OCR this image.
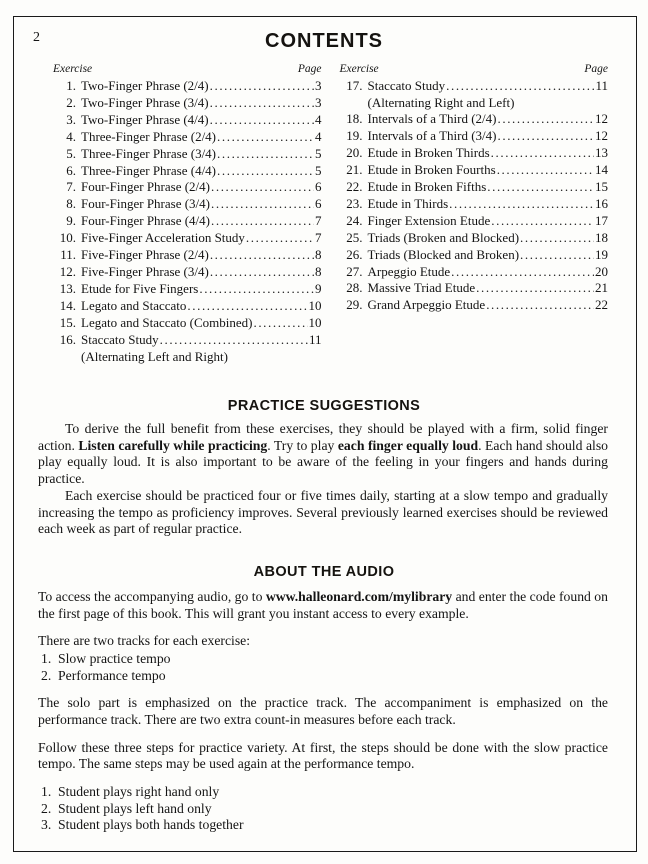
2	CONTENTS
Exercise	Page
1. Two-Finger Phrase (2/4) .....	3
2. Two-Finger Phrase (3/4) .....	3
3. Two-Finger Phrase (4/4) .....	4
4. Three-Finger Phrase (2/4) .....	4
5. Three-Finger Phrase (3/4) .....	5
6. Three-Finger Phrase (4/4) .....	5
7. Four-Finger Phrase (2/4) .....	6
8. Four-Finger Phrase (3/4) .....	6
9. Four-Finger Phrase (4/4) .....	7
10. Five-Finger Acceleration Study .....	7
11. Five-Finger Phrase (2/4) .....	8
12. Five-Finger Phrase (3/4) .....	8
13. Etude for Five Fingers .....	9
14. Legato and Staccato .....	10
15. Legato and Staccato (Combined) .....	10
16. Staccato Study .....	11
(Alternating Left and Right)
Exercise	Page
17. Staccato Study .....	11
(Alternating Right and Left)
18. Intervals of a Third (2/4) .....	12
19. Intervals of a Third (3/4) .....	12
20. Etude in Broken Thirds .....	13
21. Etude in Broken Fourths .....	14
22. Etude in Broken Fifths .....	15
23. Etude in Thirds .....	16
24. Finger Extension Etude .....	17
25. Triads (Broken and Blocked) .....	18
26. Triads (Blocked and Broken) .....	19
27. Arpeggio Etude .....	20
28. Massive Triad Etude .....	21
29. Grand Arpeggio Etude .....	22
PRACTICE SUGGESTIONS

To derive the full benefit from these exercises, they should be played with a firm, solid finger action. Listen carefully while practicing. Try to play each finger equally loud. Each hand should also play equally loud. It is also important to be aware of the feeling in your fingers and hands during practice.

Each exercise should be practiced four or five times daily, starting at a slow tempo and gradually increasing the tempo as proficiency improves. Several previously learned exercises should be reviewed each week as part of regular practice.

ABOUT THE AUDIO

To access the accompanying audio, go to www.halleonard.com/mylibrary and enter the code found on the first page of this book. This will grant you instant access to every example.

There are two tracks for each exercise:

1. Slow practice tempo
2. Performance tempo

The solo part is emphasized on the practice track. The accompaniment is emphasized on the performance track. There are two extra count-in measures before each track.

Follow these three steps for practice variety. At first, the steps should be done with the slow practice tempo. The same steps may be used again at the performance tempo.

1. Student plays right hand only
2. Student plays left hand only
3. Student plays both hands together
